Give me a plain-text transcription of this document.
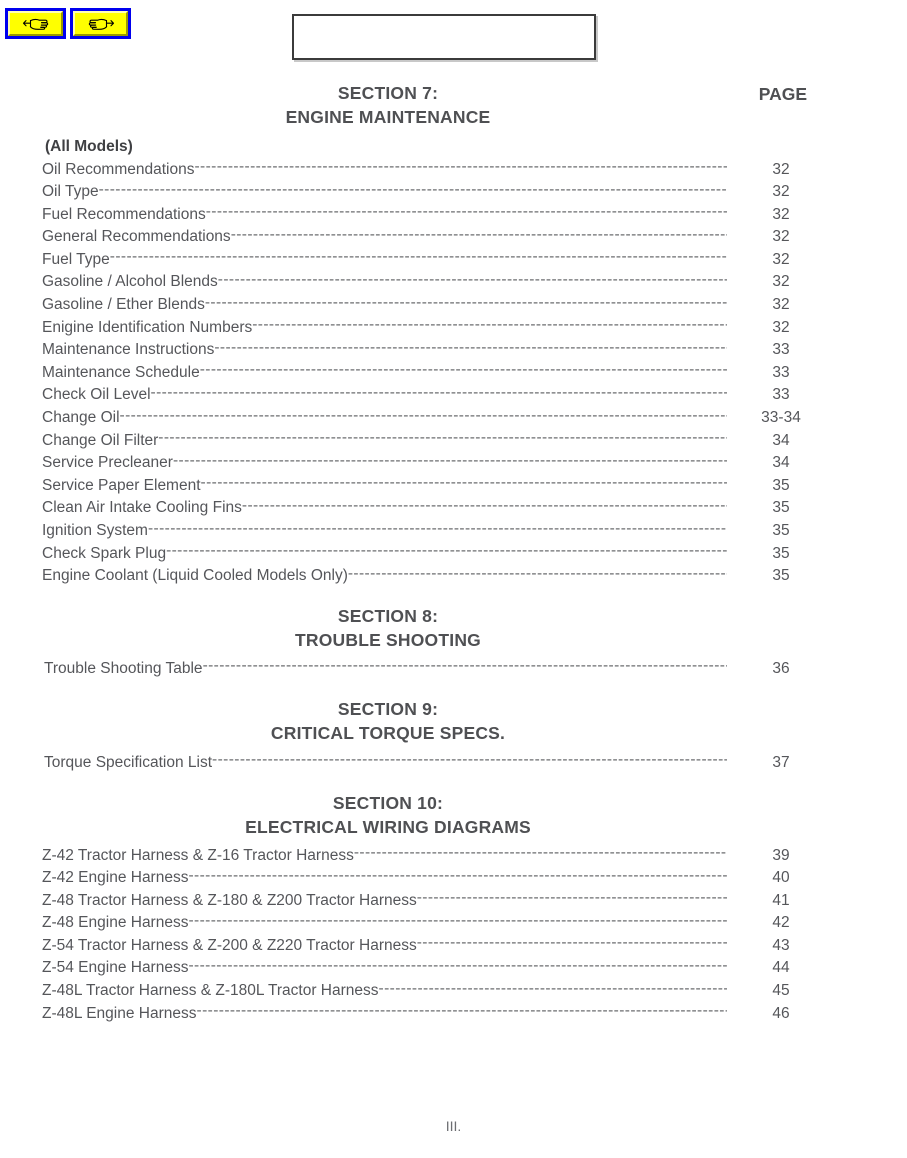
SECTION 7:
ENGINE MAINTENANCE
PAGE
(All Models)
Oil Recommendations -----	32
Oil Type -----	32
Fuel Recommendations -----	32
General Recommendations -----	32
Fuel Type -----	32
Gasoline / Alcohol Blends -----	32
Gasoline / Ether Blends -----	32
Enigine Identification Numbers -----	32
Maintenance Instructions -----	33
Maintenance Schedule -----	33
Check Oil Level -----	33
Change Oil -----	33-34
Change Oil Filter -----	34
Service Precleaner -----	34
Service Paper Element -----	35
Clean Air Intake Cooling Fins -----	35
Ignition System -----	35
Check Spark Plug -----	35
Engine Coolant (Liquid Cooled Models Only) -----	35
SECTION 8:
TROUBLE SHOOTING
Trouble Shooting Table -----	36
SECTION 9:
CRITICAL TORQUE SPECS.
Torque Specification List -----	37
SECTION 10:
ELECTRICAL WIRING DIAGRAMS
Z-42 Tractor Harness & Z-16 Tractor Harness -----	39
Z-42 Engine Harness -----	40
Z-48 Tractor Harness & Z-180 & Z200 Tractor Harness -----	41
Z-48 Engine Harness -----	42
Z-54 Tractor Harness & Z-200 & Z220 Tractor Harness -----	43
Z-54 Engine Harness -----	44
Z-48L Tractor Harness & Z-180L Tractor Harness -----	45
Z-48L Engine Harness -----	46
III.
